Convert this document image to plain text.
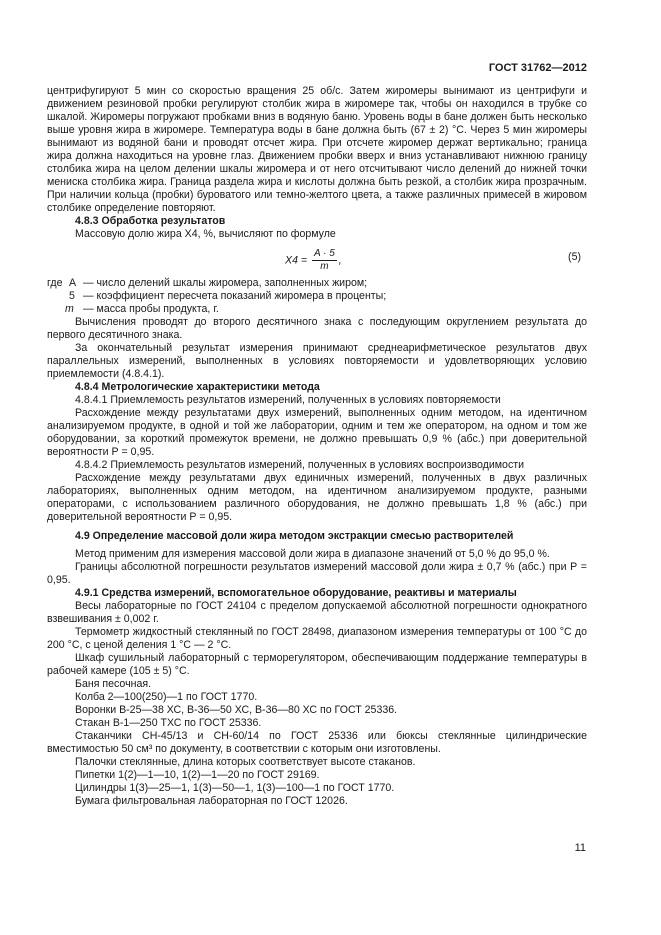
ГОСТ 31762—2012

центрифугируют 5 мин со скоростью вращения 25 об/с. Затем жиромеры вынимают из центрифуги и движением резиновой пробки регулируют столбик жира в жиромере так, чтобы он находился в трубке со шкалой. Жиромеры погружают пробками вниз в водяную баню. Уровень воды в бане должен быть несколько выше уровня жира в жиромере. Температура воды в бане должна быть (67 ± 2) °С. Через 5 мин жиромеры вынимают из водяной бани и проводят отсчет жира. При отсчете жиромер держат вертикально; граница жира должна находиться на уровне глаз. Движением пробки вверх и вниз устанавливают нижнюю границу столбика жира на целом делении шкалы жиромера и от него отсчитывают число делений до нижней точки мениска столбика жира. Граница раздела жира и кислоты должна быть резкой, а столбик жира прозрачным. При наличии кольца (пробки) буроватого или темно-желтого цвета, а также различных примесей в жировом столбике определение повторяют.

4.8.3 Обработка результатов

Массовую долю жира X4, %, вычисляют по формуле

$X4 = \frac{A \cdot 5}{m}$ ,	(5)
где А — число делений шкалы жиромера, заполненных жиром;
5 — коэффициент пересчета показаний жиромера в проценты;
m — масса пробы продукта, г.

Вычисления проводят до второго десятичного знака с последующим округлением результата до первого десятичного знака.

За окончательный результат измерения принимают среднеарифметическое результатов двух параллельных измерений, выполненных в условиях повторяемости и удовлетворяющих условию приемлемости (4.8.4.1).

4.8.4 Метрологические характеристики метода

4.8.4.1 Приемлемость результатов измерений, полученных в условиях повторяемости

Расхождение между результатами двух измерений, выполненных одним методом, на идентичном анализируемом продукте, в одной и той же лаборатории, одним и тем же оператором, на одном и том же оборудовании, за короткий промежуток времени, не должно превышать 0,9 % (абс.) при доверительной вероятности Р = 0,95.

4.8.4.2 Приемлемость результатов измерений, полученных в условиях воспроизводимости

Расхождение между результатами двух единичных измерений, полученных в двух различных лабораториях, выполненных одним методом, на идентичном анализируемом продукте, разными операторами, с использованием различного оборудования, не должно превышать 1,8 % (абс.) при доверительной вероятности Р = 0,95.

4.9 Определение массовой доли жира методом экстракции смесью растворителей

Метод применим для измерения массовой доли жира в диапазоне значений от 5,0 % до 95,0 %.

Границы абсолютной погрешности результатов измерений массовой доли жира ± 0,7 % (абс.) при Р = 0,95.

4.9.1 Средства измерений, вспомогательное оборудование, реактивы и материалы

Весы лабораторные по ГОСТ 24104 с пределом допускаемой абсолютной погрешности однократного взвешивания ± 0,002 г.

Термометр жидкостный стеклянный по ГОСТ 28498, диапазоном измерения температуры от 100 °С до 200 °С, с ценой деления 1 °С — 2 °С.

Шкаф сушильный лабораторный с терморегулятором, обеспечивающим поддержание температуры в рабочей камере (105 ± 5) °С.

Баня песочная.

Колба 2—100(250)—1 по ГОСТ 1770.

Воронки В-25—38 ХС, В-36—50 ХС, В-36—80 ХС по ГОСТ 25336.

Стакан В-1—250 ТХС по ГОСТ 25336.

Стаканчики СН-45/13 и СН-60/14 по ГОСТ 25336 или бюксы стеклянные цилиндрические вместимостью 50 см³ по документу, в соответствии с которым они изготовлены.

Палочки стеклянные, длина которых соответствует высоте стаканов.

Пипетки 1(2)—1—10, 1(2)—1—20 по ГОСТ 29169.

Цилиндры 1(3)—25—1, 1(3)—50—1, 1(3)—100—1 по ГОСТ 1770.

Бумага фильтровальная лабораторная по ГОСТ 12026.

11
